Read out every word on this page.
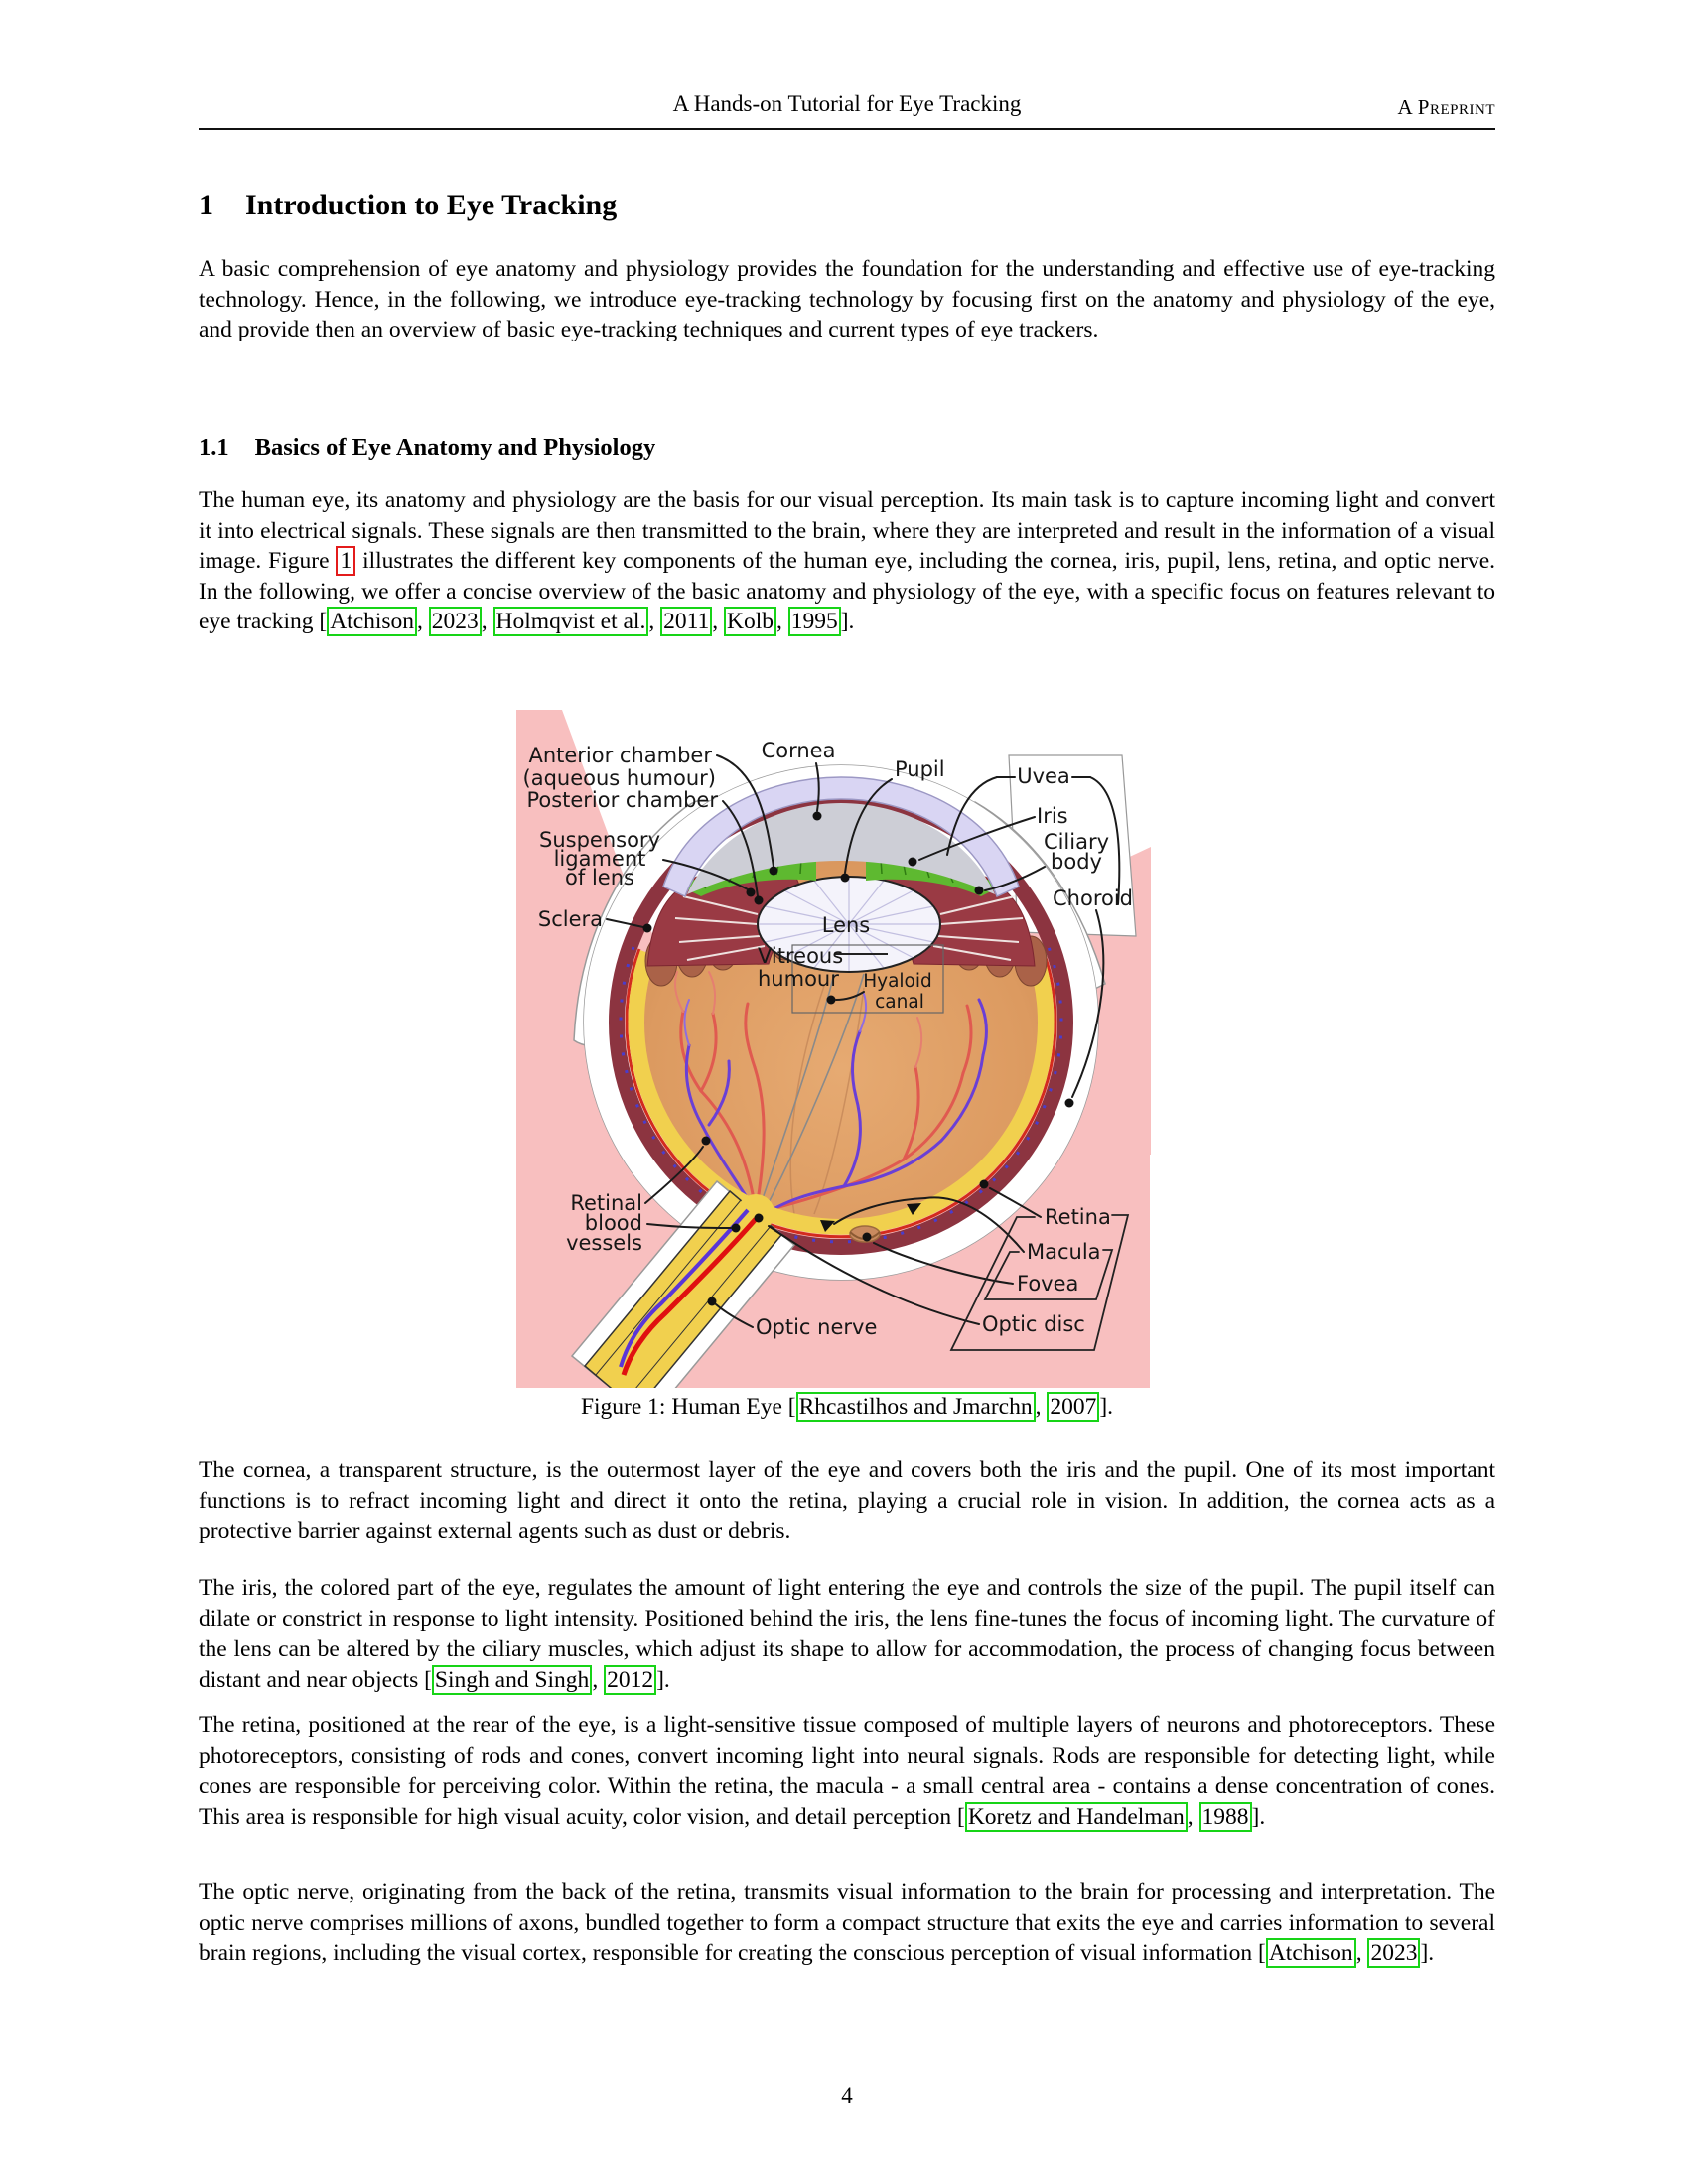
A Hands-on Tutorial for Eye Tracking	A Preprint
1 Introduction to Eye Tracking
A basic comprehension of eye anatomy and physiology provides the foundation for the understanding and effective use of eye-tracking technology. Hence, in the following, we introduce eye-tracking technology by focusing first on the anatomy and physiology of the eye, and provide then an overview of basic eye-tracking techniques and current types of eye trackers.
1.1 Basics of Eye Anatomy and Physiology
The human eye, its anatomy and physiology are the basis for our visual perception. Its main task is to capture incoming light and convert it into electrical signals. These signals are then transmitted to the brain, where they are interpreted and result in the information of a visual image. Figure 1 illustrates the different key components of the human eye, including the cornea, iris, pupil, lens, retina, and optic nerve. In the following, we offer a concise overview of the basic anatomy and physiology of the eye, with a specific focus on features relevant to eye tracking [ Atchison , 2023 , Holmqvist et al. , 2011 , Kolb , 1995 ].
Anterior chamber
(aqueous humour)
Posterior chamber
Cornea
Pupil	Uvea
Iris
Ciliary
body
Choroid
Suspensory
ligament
of lens
Sclera	Lens
Vitreous
humour Hyaloid
canal
Retinal
blood
vessels
Optic nerve
Retina
Macula
Fovea
Optic disc
Figure 1: Human Eye [ Rhcastilhos and Jmarchn , 2007 ].
The cornea, a transparent structure, is the outermost layer of the eye and covers both the iris and the pupil. One of its most important functions is to refract incoming light and direct it onto the retina, playing a crucial role in vision. In addition, the cornea acts as a protective barrier against external agents such as dust or debris.
The iris, the colored part of the eye, regulates the amount of light entering the eye and controls the size of the pupil. The pupil itself can dilate or constrict in response to light intensity. Positioned behind the iris, the lens fine-tunes the focus of incoming light. The curvature of the lens can be altered by the ciliary muscles, which adjust its shape to allow for accommodation, the process of changing focus between distant and near objects [ Singh and Singh , 2012 ].
The retina, positioned at the rear of the eye, is a light-sensitive tissue composed of multiple layers of neurons and photoreceptors. These photoreceptors, consisting of rods and cones, convert incoming light into neural signals. Rods are responsible for detecting light, while cones are responsible for perceiving color. Within the retina, the macula - a small central area - contains a dense concentration of cones. This area is responsible for high visual acuity, color vision, and detail perception [ Koretz and Handelman , 1988 ].
The optic nerve, originating from the back of the retina, transmits visual information to the brain for processing and interpretation. The optic nerve comprises millions of axons, bundled together to form a compact structure that exits the eye and carries information to several brain regions, including the visual cortex, responsible for creating the conscious perception of visual information [ Atchison , 2023 ].
4
